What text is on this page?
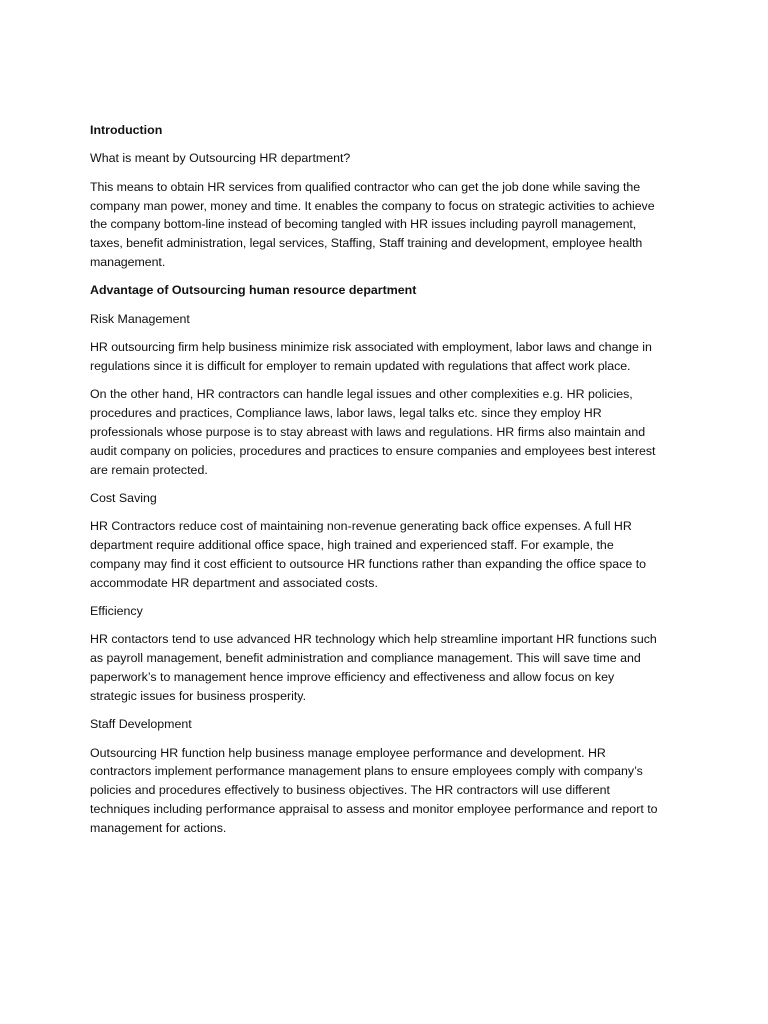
Introduction
What is meant by Outsourcing HR department?
This means to obtain HR services from qualified contractor who can get the job done while saving the
company man power, money and time. It enables the company to focus on strategic activities to achieve
the company bottom-line instead of becoming tangled with HR issues including payroll management,
taxes, benefit administration, legal services, Staffing, Staff training and development, employee health
management.
Advantage of Outsourcing human resource department
Risk Management
HR outsourcing firm help business minimize risk associated with employment, labor laws and change in
regulations since it is difficult for employer to remain updated with regulations that affect work place.
On the other hand, HR contractors can handle legal issues and other complexities e.g. HR policies,
procedures and practices, Compliance laws, labor laws, legal talks etc. since they employ HR
professionals whose purpose is to stay abreast with laws and regulations. HR firms also maintain and
audit company on policies, procedures and practices to ensure companies and employees best interest
are remain protected.
Cost Saving
HR Contractors reduce cost of maintaining non-revenue generating back office expenses. A full HR
department require additional office space, high trained and experienced staff. For example, the
company may find it cost efficient to outsource HR functions rather than expanding the office space to
accommodate HR department and associated costs.
Efficiency
HR contactors tend to use advanced HR technology which help streamline important HR functions such
as payroll management, benefit administration and compliance management. This will save time and
paperwork’s to management hence improve efficiency and effectiveness and allow focus on key
strategic issues for business prosperity.
Staff Development
Outsourcing HR function help business manage employee performance and development. HR
contractors implement performance management plans to ensure employees comply with company’s
policies and procedures effectively to business objectives. The HR contractors will use different
techniques including performance appraisal to assess and monitor employee performance and report to
management for actions.
